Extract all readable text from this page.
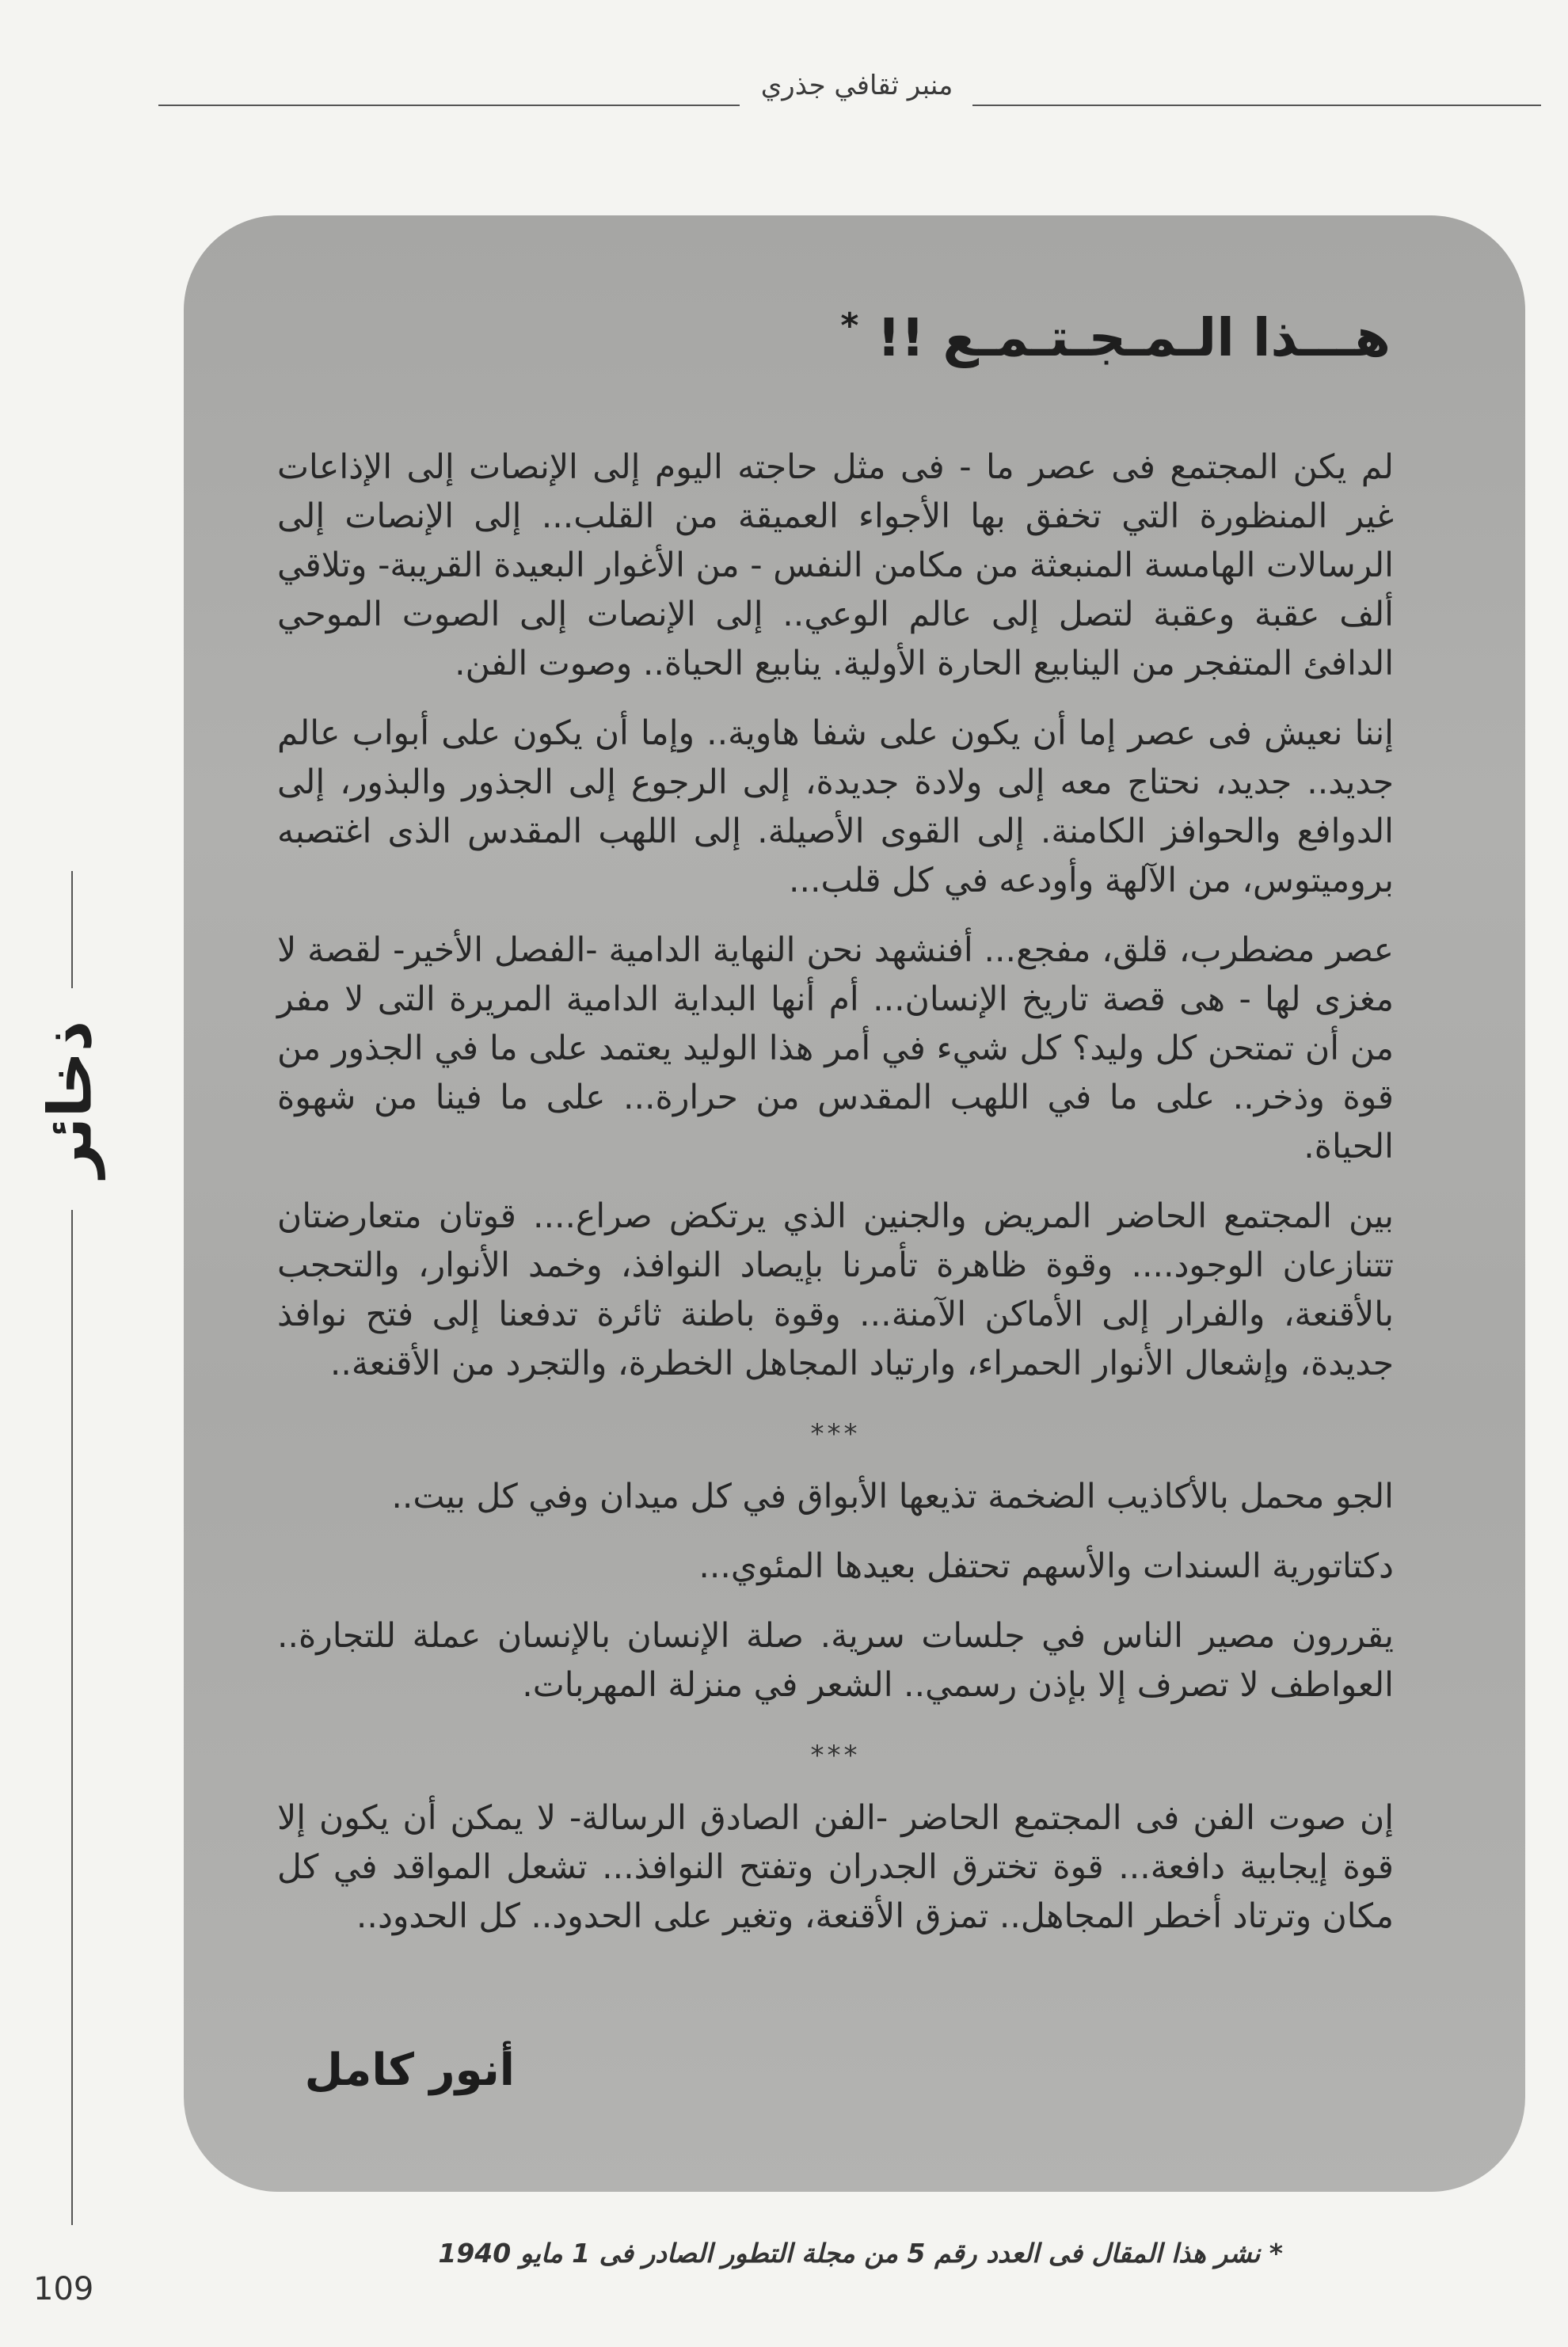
منبر ثقافي جذري
هـــذا الـمـجـتـمـع !! *

لم يكن المجتمع فى عصر ما - فى مثل حاجته اليوم إلى الإنصات إلى الإذاعات غير المنظورة التي تخفق بها الأجواء العميقة من القلب... إلى الإنصات إلى الرسالات الهامسة المنبعثة من مكامن النفس - من الأغوار البعيدة القريبة- وتلاقي ألف عقبة وعقبة لتصل إلى عالم الوعي.. إلى الإنصات إلى الصوت الموحي الدافئ المتفجر من الينابيع الحارة الأولية. ينابيع الحياة.. وصوت الفن.

إننا نعيش فى عصر إما أن يكون على شفا هاوية.. وإما أن يكون على أبواب عالم جديد.. جديد، نحتاج معه إلى ولادة جديدة، إلى الرجوع إلى الجذور والبذور، إلى الدوافع والحوافز الكامنة. إلى القوى الأصيلة. إلى اللهب المقدس الذى اغتصبه بروميتوس، من الآلهة وأودعه في كل قلب...

عصر مضطرب، قلق، مفجع... أفنشهد نحن النهاية الدامية -الفصل الأخير- لقصة لا مغزى لها - هى قصة تاريخ الإنسان... أم أنها البداية الدامية المريرة التى لا مفر من أن تمتحن كل وليد؟ كل شيء في أمر هذا الوليد يعتمد على ما في الجذور من قوة وذخر.. على ما في اللهب المقدس من حرارة... على ما فينا من شهوة الحياة.

بين المجتمع الحاضر المريض والجنين الذي يرتكض صراع.... قوتان متعارضتان تتنازعان الوجود.... وقوة ظاهرة تأمرنا بإيصاد النوافذ، وخمد الأنوار، والتحجب بالأقنعة، والفرار إلى الأماكن الآمنة... وقوة باطنة ثائرة تدفعنا إلى فتح نوافذ جديدة، وإشعال الأنوار الحمراء، وارتياد المجاهل الخطرة، والتجرد من الأقنعة..

***

الجو محمل بالأكاذيب الضخمة تذيعها الأبواق في كل ميدان وفي كل بيت..

دكتاتورية السندات والأسهم تحتفل بعيدها المئوي...

يقررون مصير الناس في جلسات سرية. صلة الإنسان بالإنسان عملة للتجارة.. العواطف لا تصرف إلا بإذن رسمي.. الشعر في منزلة المهربات.

***

إن صوت الفن فى المجتمع الحاضر -الفن الصادق الرسالة- لا يمكن أن يكون إلا قوة إيجابية دافعة... قوة تخترق الجدران وتفتح النوافذ... تشعل المواقد في كل مكان وترتاد أخطر المجاهل.. تمزق الأقنعة، وتغير على الحدود.. كل الحدود..

أنور كامل
* نشر هذا المقال فى العدد رقم 5 من مجلة التطور الصادر فى 1 مايو 1940
ذخائر
109
